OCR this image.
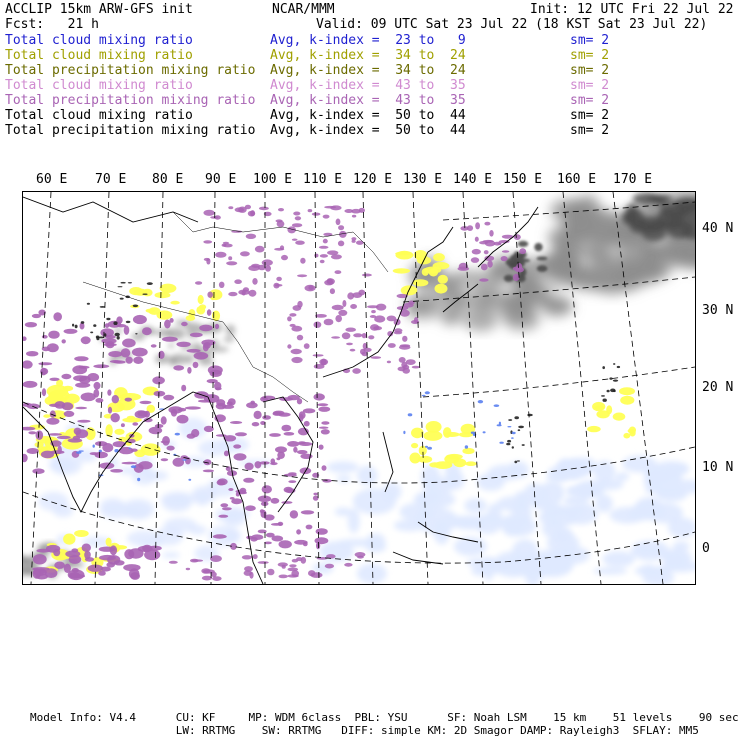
ACCLIP 15km ARW-GFS init	NCAR/MMM	Init: 12 UTC Fri 22 Jul 22
Fcst:   21 h	Valid: 09 UTC Sat 23 Jul 22 (18 KST Sat 23 Jul 22)
Total cloud mixing ratio	Avg, k-index =  23 to   9	sm= 2
Total cloud mixing ratio	Avg, k-index =  34 to  24	sm= 2
Total precipitation mixing ratio Avg, k-index =  34 to  24	sm= 2
Total cloud mixing ratio	Avg, k-index =  43 to  35	sm= 2
Total precipitation mixing ratio Avg, k-index =  43 to  35	sm= 2
Total cloud mixing ratio	Avg, k-index =  50 to  44	sm= 2
Total precipitation mixing ratio Avg, k-index =  50 to  44	sm= 2
60 E 70 E 80 E 90 E 100 E 110 E 120 E 130 E 140 E 150 E 160 E 170 E
40 N
30 N
20 N
10 N
0
Model Info: V4.4      CU: KF     MP: WDM 6class  PBL: YSU      SF: Noah LSM    15 km    51 levels    90 sec
LW: RRTMG    SW: RRTMG   DIFF: simple KM: 2D Smagor DAMP: Rayleigh3  SFLAY: MM5
